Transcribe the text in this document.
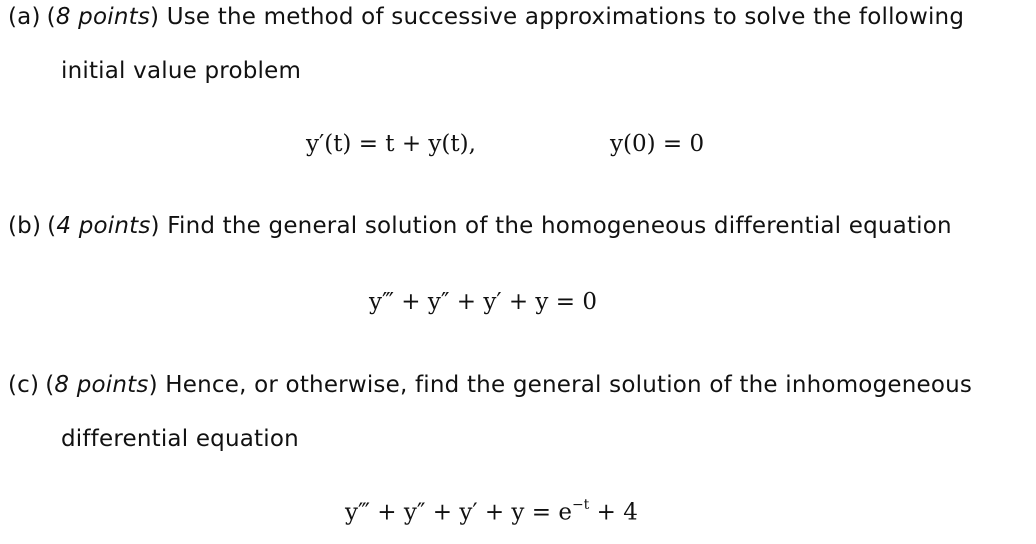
(a) (8 points) Use the method of successive approximations to solve the following
initial value problem
y′(t) = t + y(t),	y(0) = 0
(b) (4 points) Find the general solution of the homogeneous differential equation
y‴ + y″ + y′ + y = 0
(c) (8 points) Hence, or otherwise, find the general solution of the inhomogeneous
differential equation
y‴ + $y'' + y' + y = e^{-t} + 4$
